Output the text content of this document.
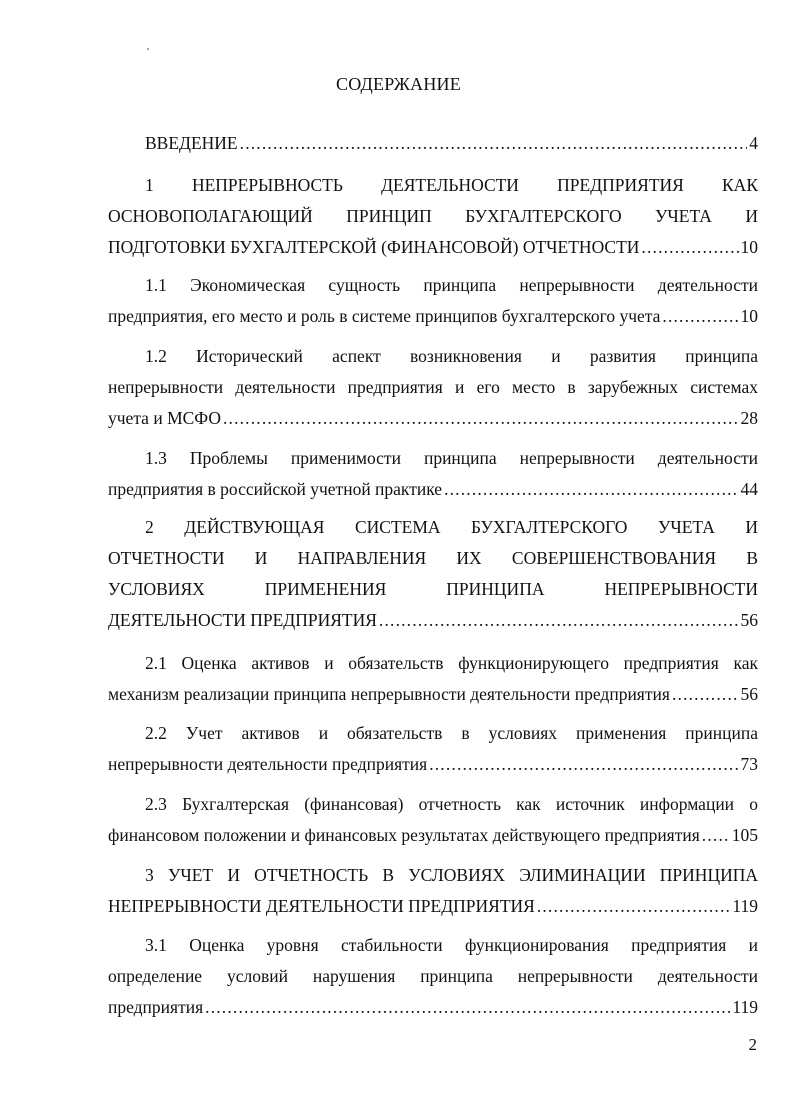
СОДЕРЖАНИЕ
ВВЕДЕНИЕ . . .	4
1 НЕПРЕРЫВНОСТЬ ДЕЯТЕЛЬНОСТИ ПРЕДПРИЯТИЯ КАК
ОСНОВОПОЛАГАЮЩИЙ ПРИНЦИП БУХГАЛТЕРСКОГО УЧЕТА И
ПОДГОТОВКИ БУХГАЛТЕРСКОЙ (ФИНАНСОВОЙ) ОТЧЕТНОСТИ . . .	10
1.1 Экономическая сущность принципа непрерывности деятельности
предприятия, его место и роль в системе принципов бухгалтерского учета . . .	10
1.2 Исторический аспект возникновения и развития принципа
непрерывности деятельности предприятия и его место в зарубежных системах
учета и МСФО . . .	28
1.3 Проблемы применимости принципа непрерывности деятельности
предприятия в российской учетной практике . . .	44
2 ДЕЙСТВУЮЩАЯ СИСТЕМА БУХГАЛТЕРСКОГО УЧЕТА И
ОТЧЕТНОСТИ И НАПРАВЛЕНИЯ ИХ СОВЕРШЕНСТВОВАНИЯ В
УСЛОВИЯХ ПРИМЕНЕНИЯ ПРИНЦИПА НЕПРЕРЫВНОСТИ
ДЕЯТЕЛЬНОСТИ ПРЕДПРИЯТИЯ . . .	56
2.1 Оценка активов и обязательств функционирующего предприятия как
механизм реализации принципа непрерывности деятельности предприятия . . .	56
2.2 Учет активов и обязательств в условиях применения принципа
непрерывности деятельности предприятия . . .	73
2.3 Бухгалтерская (финансовая) отчетность как источник информации о
финансовом положении и финансовых результатах действующего предприятия . . . 105
3 УЧЕТ И ОТЧЕТНОСТЬ В УСЛОВИЯХ ЭЛИМИНАЦИИ ПРИНЦИПА
НЕПРЕРЫВНОСТИ ДЕЯТЕЛЬНОСТИ ПРЕДПРИЯТИЯ . . .	119
3.1 Оценка уровня стабильности функционирования предприятия и
определение условий нарушения принципа непрерывности деятельности
предприятия . . .	119
2
